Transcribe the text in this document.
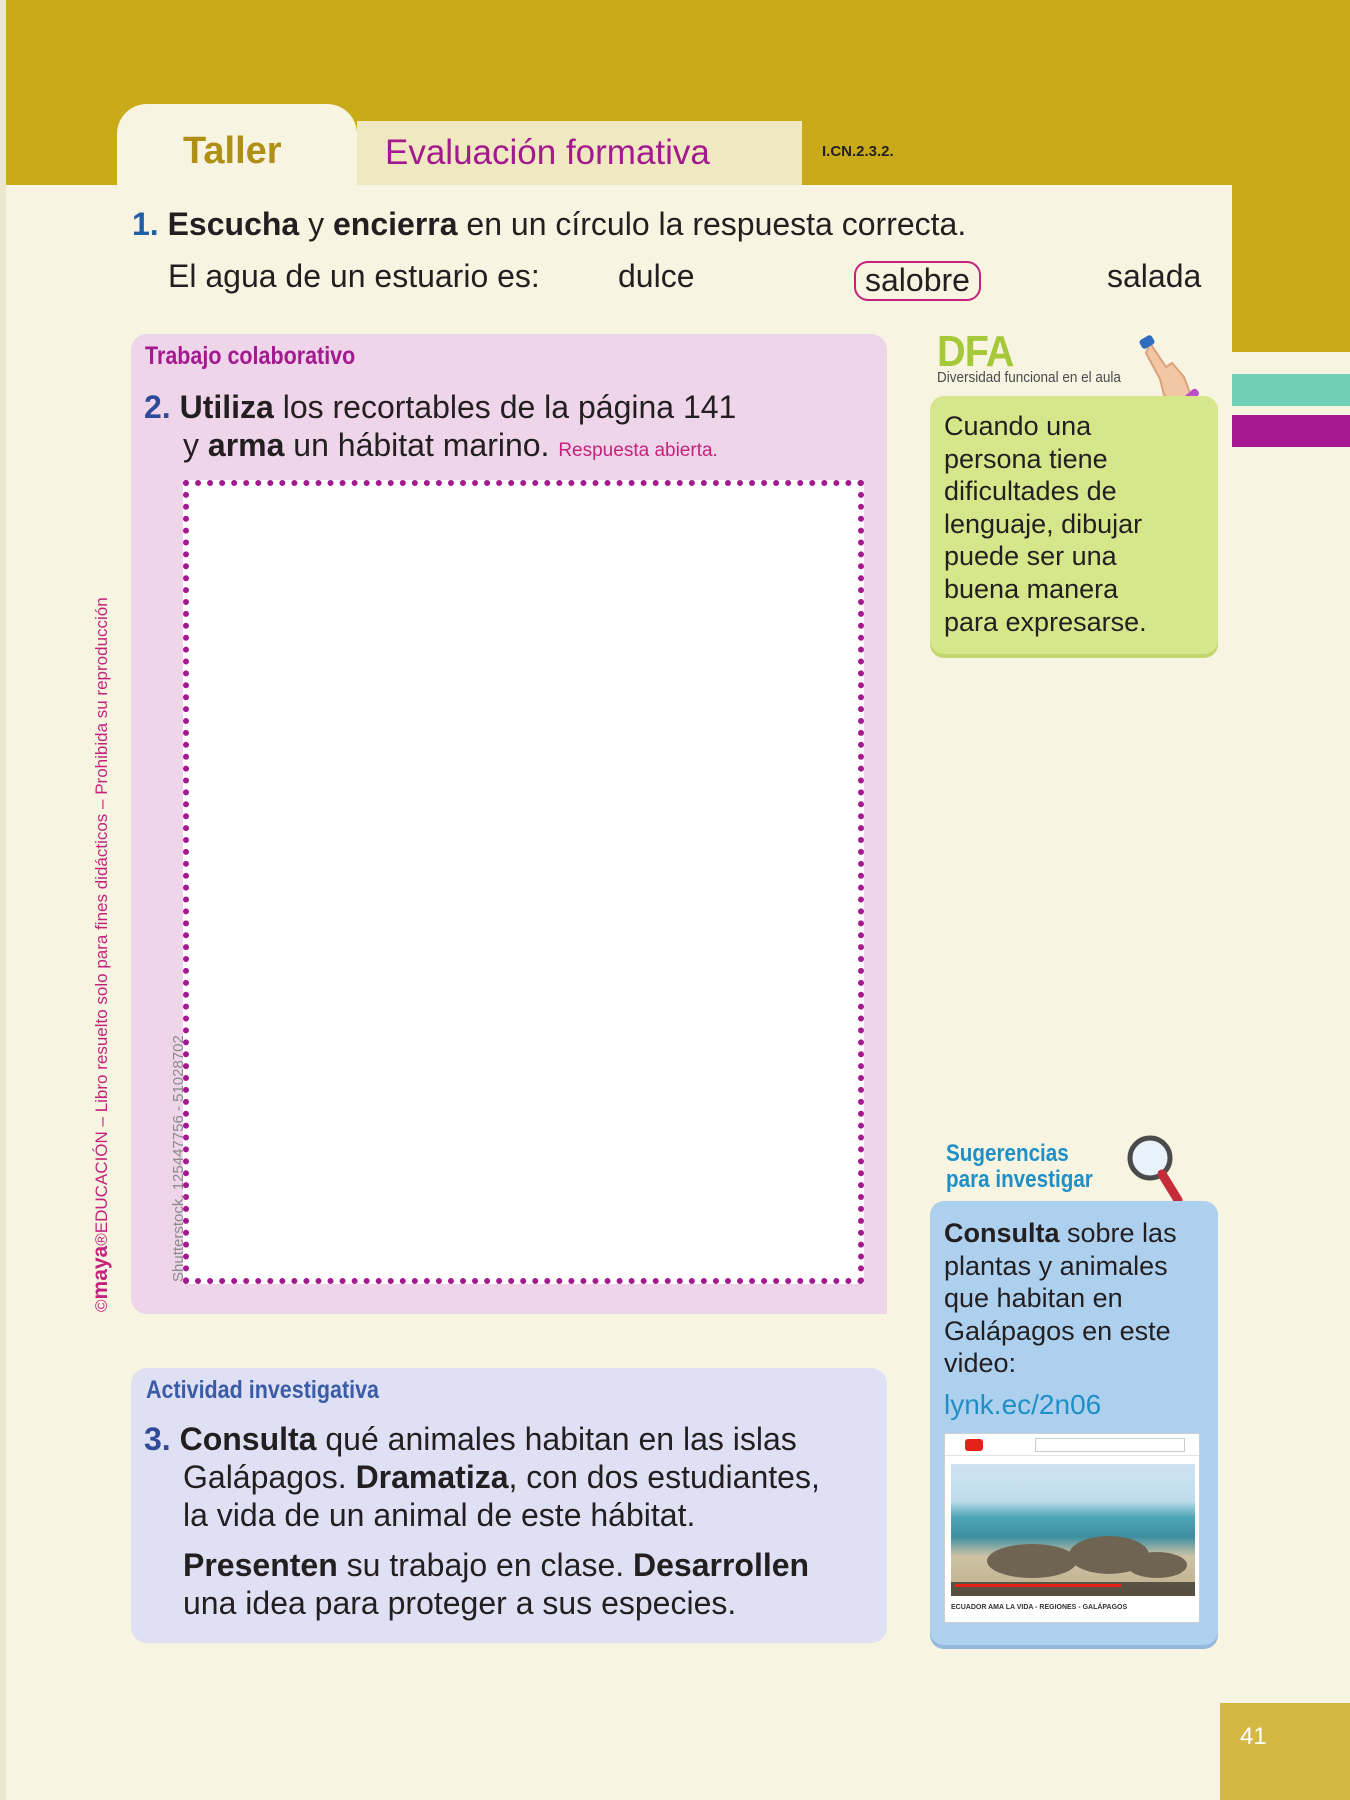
Taller	Evaluación formativa	I.CN.2.3.2.
1. Escucha y encierra en un círculo la respuesta correcta.
El agua de un estuario es: dulce	salobre	salada
Trabajo colaborativo
2. Utiliza los recortables de la página 141
y arma un hábitat marino. Respuesta abierta.
Shutterstock, 125447756 - 51028702
©maya®EDUCACIÓN – Libro resuelto solo para fines didácticos – Prohibida su reproducción
DFA
Diversidad funcional en el aula
Cuando una
persona tiene
dificultades de
lenguaje, dibujar
puede ser una
buena manera
para expresarse.
Sugerencias
para investigar
Consulta sobre las
plantas y animales
que habitan en
Galápagos en este
video:
lynk.ec/2n06
ECUADOR AMA LA VIDA - REGIONES - GALÁPAGOS
Actividad investigativa
3. Consulta qué animales habitan en las islas
Galápagos. Dramatiza, con dos estudiantes,
la vida de un animal de este hábitat.
Presenten su trabajo en clase. Desarrollen
una idea para proteger a sus especies.
41
